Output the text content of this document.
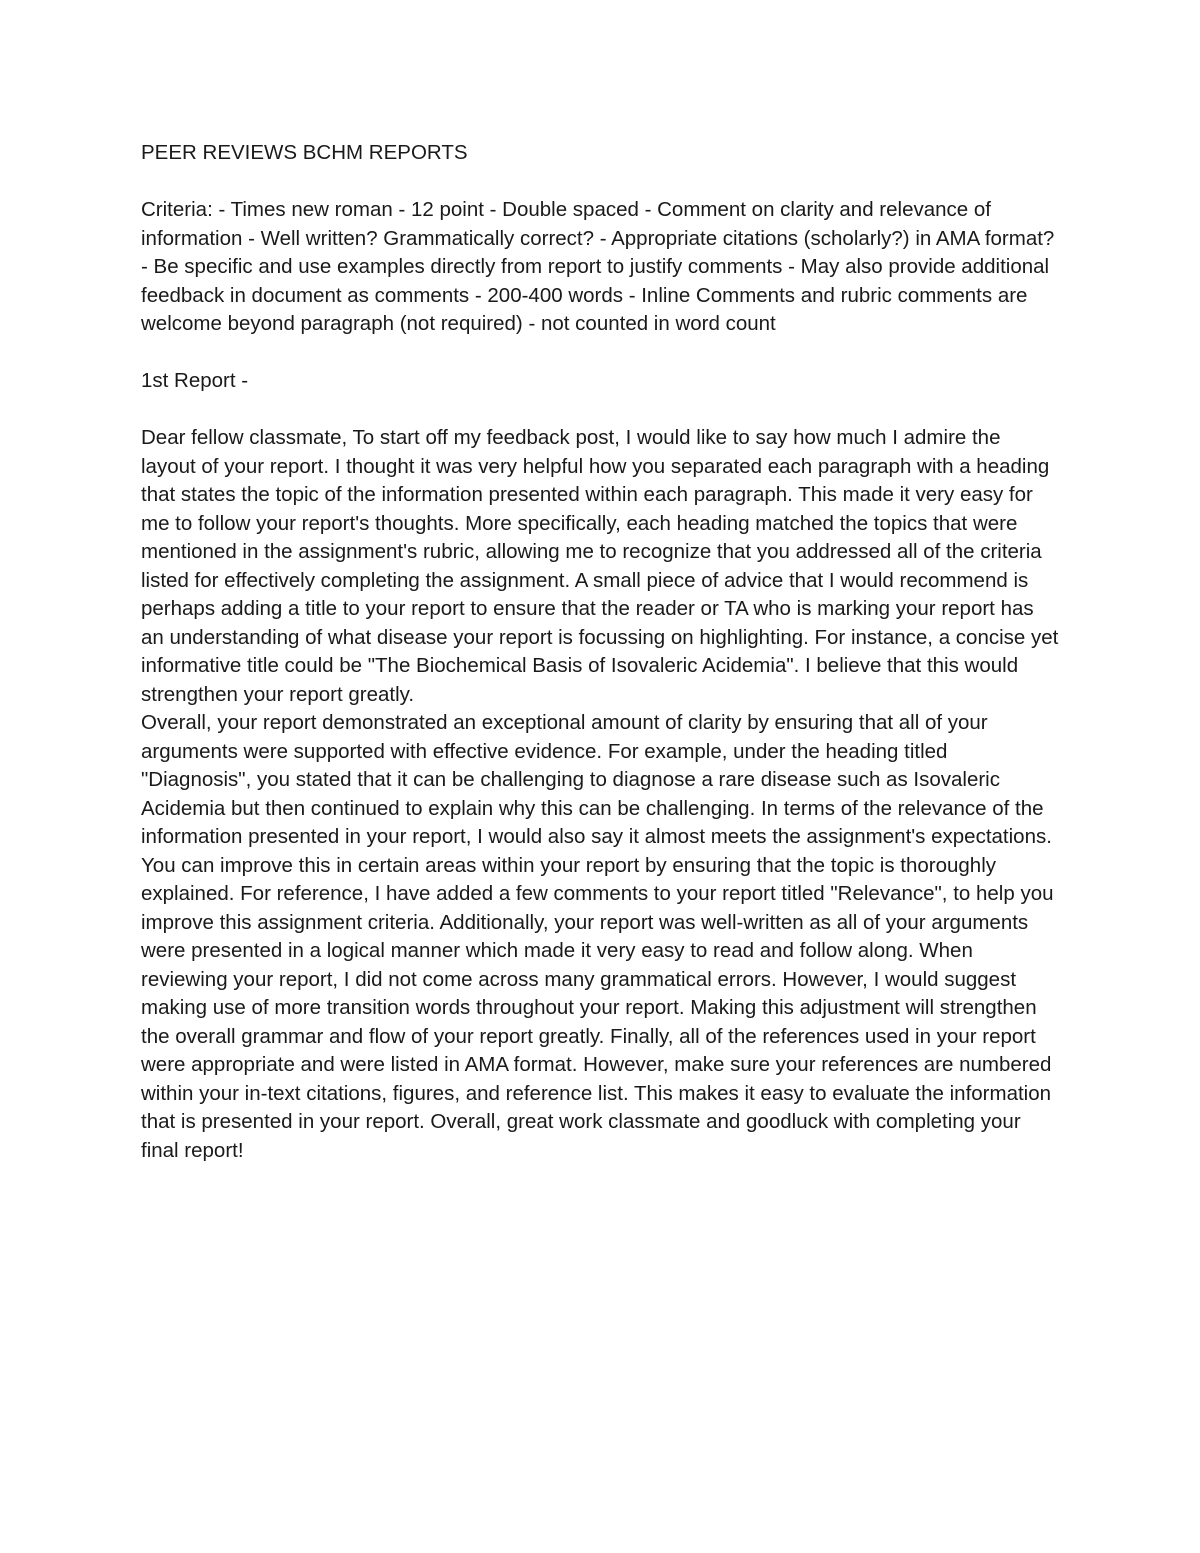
PEER REVIEWS BCHM REPORTS

Criteria: - Times new roman - 12 point - Double spaced - Comment on clarity and relevance of information - Well written? Grammatically correct? - Appropriate citations (scholarly?) in AMA format? - Be specific and use examples directly from report to justify comments - May also provide additional feedback in document as comments - 200-400 words - Inline Comments and rubric comments are welcome beyond paragraph (not required) - not counted in word count

1st Report -

Dear fellow classmate, To start off my feedback post, I would like to say how much I admire the layout of your report. I thought it was very helpful how you separated each paragraph with a heading that states the topic of the information presented within each paragraph. This made it very easy for me to follow your report's thoughts. More specifically, each heading matched the topics that were mentioned in the assignment's rubric, allowing me to recognize that you addressed all of the criteria listed for effectively completing the assignment. A small piece of advice that I would recommend is perhaps adding a title to your report to ensure that the reader or TA who is marking your report has an understanding of what disease your report is focussing on highlighting. For instance, a concise yet informative title could be "The Biochemical Basis of Isovaleric Acidemia". I believe that this would strengthen your report greatly.

Overall, your report demonstrated an exceptional amount of clarity by ensuring that all of your arguments were supported with effective evidence. For example, under the heading titled "Diagnosis", you stated that it can be challenging to diagnose a rare disease such as Isovaleric Acidemia but then continued to explain why this can be challenging. In terms of the relevance of the information presented in your report, I would also say it almost meets the assignment's expectations. You can improve this in certain areas within your report by ensuring that the topic is thoroughly explained. For reference, I have added a few comments to your report titled "Relevance", to help you improve this assignment criteria. Additionally, your report was well-written as all of your arguments were presented in a logical manner which made it very easy to read and follow along. When reviewing your report, I did not come across many grammatical errors. However, I would suggest making use of more transition words throughout your report. Making this adjustment will strengthen the overall grammar and flow of your report greatly. Finally, all of the references used in your report were appropriate and were listed in AMA format. However, make sure your references are numbered within your in-text citations, figures, and reference list. This makes it easy to evaluate the information that is presented in your report. Overall, great work classmate and goodluck with completing your final report!
